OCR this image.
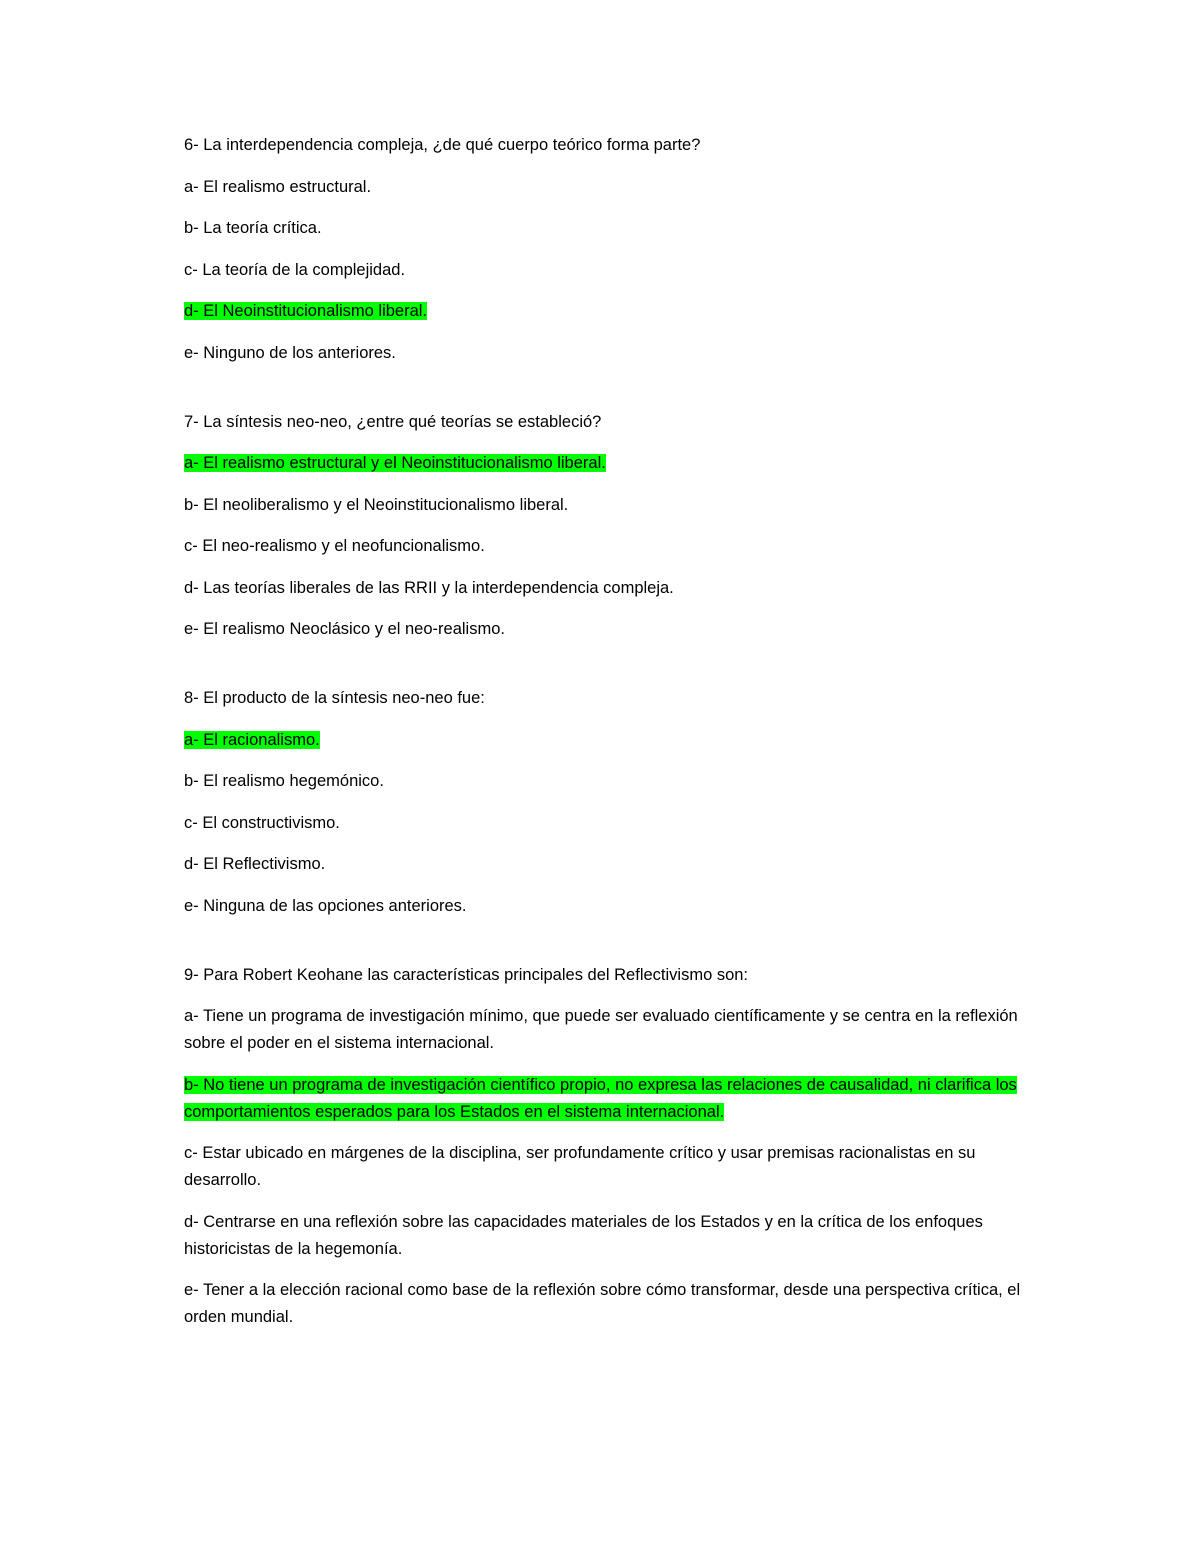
6- La interdependencia compleja, ¿de qué cuerpo teórico forma parte?

a- El realismo estructural.

b- La teoría crítica.

c- La teoría de la complejidad.

d- El Neoinstitucionalismo liberal.

e- Ninguno de los anteriores.

7- La síntesis neo-neo, ¿entre qué teorías se estableció?

a- El realismo estructural y el Neoinstitucionalismo liberal.

b- El neoliberalismo y el Neoinstitucionalismo liberal.

c- El neo-realismo y el neofuncionalismo.

d- Las teorías liberales de las RRII y la interdependencia compleja.

e- El realismo Neoclásico y el neo-realismo.

8- El producto de la síntesis neo-neo fue:

a- El racionalismo.

b- El realismo hegemónico.

c- El constructivismo.

d- El Reflectivismo.

e- Ninguna de las opciones anteriores.

9- Para Robert Keohane las características principales del Reflectivismo son:

a- Tiene un programa de investigación mínimo, que puede ser evaluado científicamente y se centra en la reflexión sobre el poder en el sistema internacional.

b- No tiene un programa de investigación científico propio, no expresa las relaciones de causalidad, ni clarifica los comportamientos esperados para los Estados en el sistema internacional.

c- Estar ubicado en márgenes de la disciplina, ser profundamente crítico y usar premisas racionalistas en su desarrollo.

d- Centrarse en una reflexión sobre las capacidades materiales de los Estados y en la crítica de los enfoques historicistas de la hegemonía.

e- Tener a la elección racional como base de la reflexión sobre cómo transformar, desde una perspectiva crítica, el orden mundial.
